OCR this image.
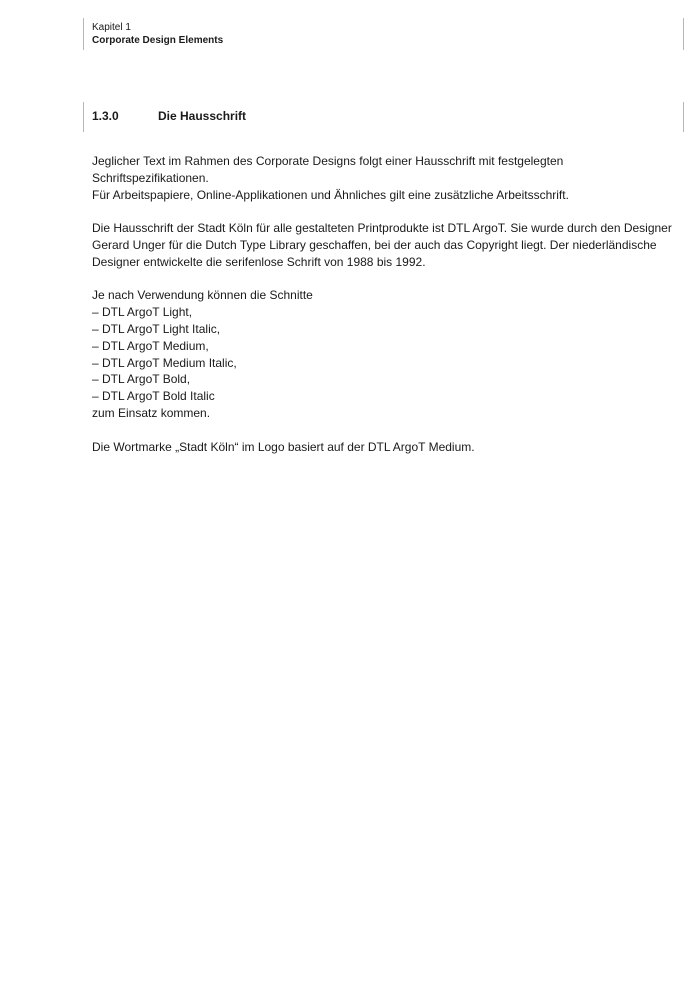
Kapitel 1
Corporate Design Elements
1.3.0	Die Hausschrift

Jeglicher Text im Rahmen des Corporate Designs folgt einer Hausschrift mit festgelegten Schriftspezifikationen.
Für Arbeitspapiere, Online-Applikationen und Ähnliches gilt eine zusätzliche Arbeitsschrift.

Die Hausschrift der Stadt Köln für alle gestalteten Printprodukte ist DTL ArgoT. Sie wurde durch den Designer
Gerard Unger für die Dutch Type Library geschaffen, bei der auch das Copyright liegt. Der niederländische
Designer entwickelte die serifenlose Schrift von 1988 bis 1992.

Je nach Verwendung können die Schnitte
– DTL ArgoT Light,
– DTL ArgoT Light Italic,
– DTL ArgoT Medium,
– DTL ArgoT Medium Italic,
– DTL ArgoT Bold,
– DTL ArgoT Bold Italic
zum Einsatz kommen.

Die Wortmarke „Stadt Köln“ im Logo basiert auf der DTL ArgoT Medium.
